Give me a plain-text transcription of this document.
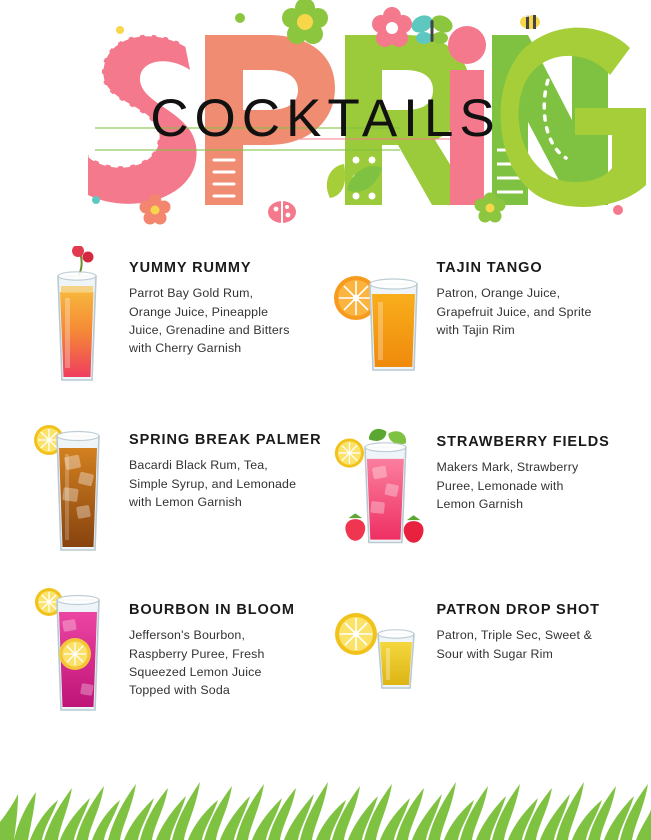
COCKTAILS
YUMMY RUMMY
Parrot Bay Gold Rum, Orange Juice, Pineapple Juice, Grenadine and Bitters with Cherry Garnish
TAJIN TANGO
Patron, Orange Juice, Grapefruit Juice, and Sprite with Tajin Rim
SPRING BREAK PALMER
Bacardi Black Rum, Tea, Simple Syrup, and Lemonade with Lemon Garnish
STRAWBERRY FIELDS
Makers Mark, Strawberry Puree, Lemonade with Lemon Garnish
BOURBON IN BLOOM
Jefferson's Bourbon, Raspberry Puree, Fresh Squeezed Lemon Juice Topped with Soda
PATRON DROP SHOT
Patron, Triple Sec, Sweet & Sour with Sugar Rim
